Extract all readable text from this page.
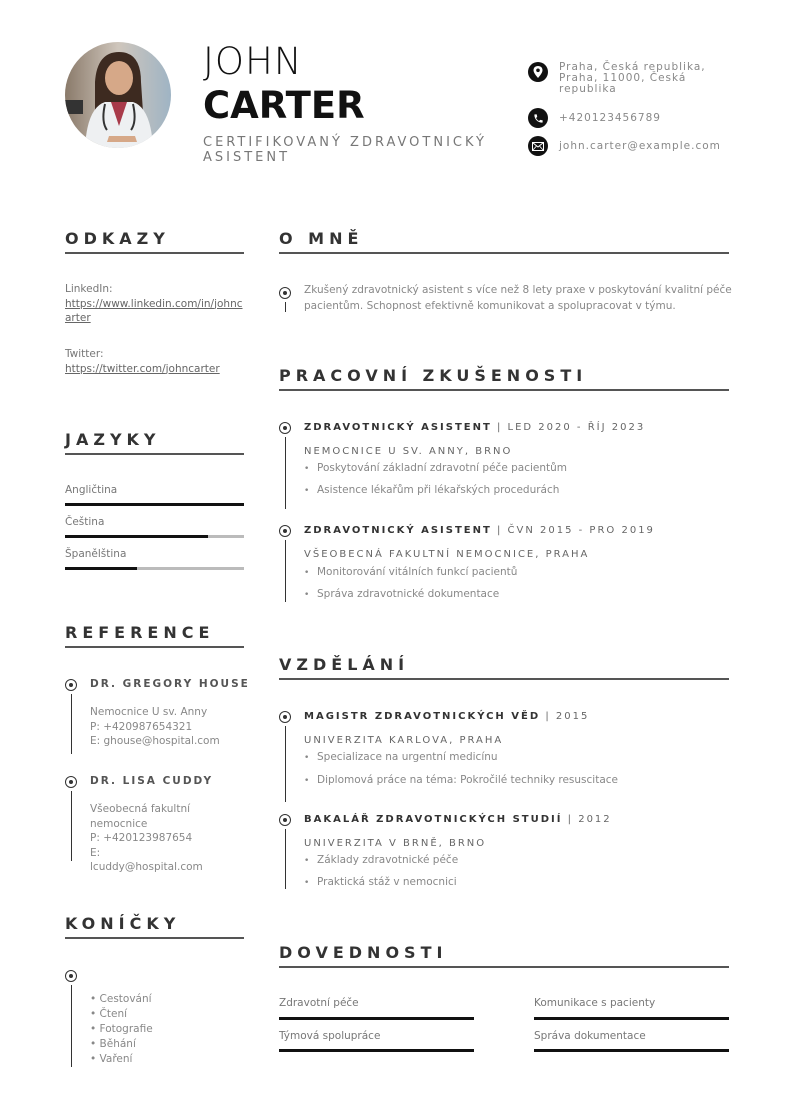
JOHN
CARTER
CERTIFIKOVANÝ ZDRAVOTNICKÝ ASISTENT
Praha, Česká republika, Praha, 11000, Česká republika
+420123456789
john.carter@example.com
ODKAZY
LinkedIn:
https://www.linkedin.com/in/johncarter
Twitter:
https://twitter.com/johncarter
JAZYKY
Angličtina
Čeština
Španělština
REFERENCE
DR. GREGORY HOUSE
Nemocnice U sv. Anny
P: +420987654321
E: ghouse@hospital.com
DR. LISA CUDDY
Všeobecná fakultní nemocnice
P: +420123987654
E: lcuddy@hospital.com
KONÍČKY
• Cestování
• Čtení
• Fotografie
• Běhání
• Vaření
O MNĚ
Zkušený zdravotnický asistent s více než 8 lety praxe v poskytování kvalitní péče pacientům. Schopnost efektivně komunikovat a spolupracovat v týmu.
PRACOVNÍ ZKUŠENOSTI
ZDRAVOTNICKÝ ASISTENT | LED 2020 - ŘÍJ 2023
NEMOCNICE U SV. ANNY, BRNO
• Poskytování základní zdravotní péče pacientům
• Asistence lékařům při lékařských procedurách
ZDRAVOTNICKÝ ASISTENT | ČVN 2015 - PRO 2019
VŠEOBECNÁ FAKULTNÍ NEMOCNICE, PRAHA
• Monitorování vitálních funkcí pacientů
• Správa zdravotnické dokumentace
VZDĚLÁNÍ
MAGISTR ZDRAVOTNICKÝCH VĚD | 2015
UNIVERZITA KARLOVA, PRAHA
• Specializace na urgentní medicínu
• Diplomová práce na téma: Pokročilé techniky resuscitace
BAKALÁŘ ZDRAVOTNICKÝCH STUDIÍ | 2012
UNIVERZITA V BRNĚ, BRNO
• Základy zdravotnické péče
• Praktická stáž v nemocnici
DOVEDNOSTI
Zdravotní péče	Komunikace s pacienty
Týmová spolupráce	Správa dokumentace
